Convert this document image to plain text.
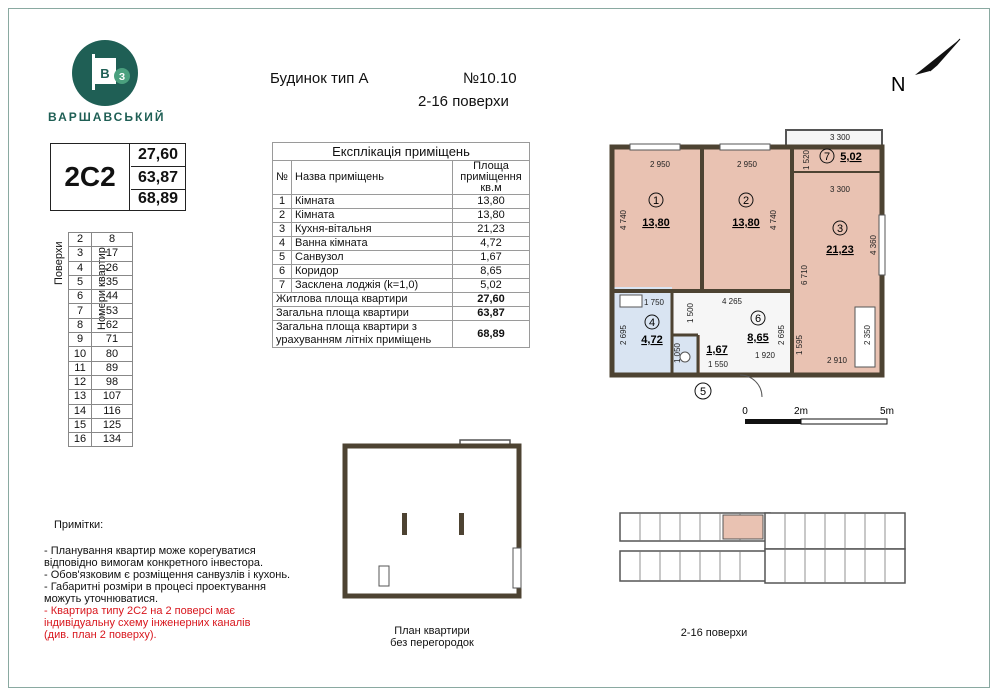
В З
ВАРШАВСЬКИЙ
Будинок тип А	№10.10
2-16 поверхи
2С2
27,60
63,87
68,89
Поверхи	Номери квартир
2	8
3	17
4	26
5	35
6	44
7	53
8	62
9	71
10	80
11	89
12	98
13	107
14	116
15	125
16	134
Експлікація приміщень		
№	Назва приміщень	Площа приміщення кв.м
1	Кімната	13,80
2	Кімната	13,80
3	Кухня-вітальня	21,23
4	Ванна кімната	4,72
5	Санвузол	1,67
6	Коридор	8,65
7	Засклена лоджія (k=1,0)	5,02
Житлова площа квартири		27,60
Загальна площа квартири		63,87
Загальна площа квартири з урахуванням літніх приміщень		68,89
N
1
13,80
2
13,80	3
21,23
4
4,72
1,67
6
8,65
7 5,02
2 950	2 950
3 300
3 300
1 520
4 740	4 740
6 710
4 360
1 750	4 265
1 500
2 695	2 695
1 920
2 910
2 350
1 595
1 050
1 550
5
0	2m	5m
План квартири
без перегородок
2-16 поверхи
Примітки:
- Планування квартир може корегуватися відповідно вимогам конкретного інвестора.
- Обов'язковим є розміщення санвузлів і кухонь.
- Габаритні розміри в процесі проектування можуть уточнюватися.
- Квартира типу 2С2 на 2 поверсі має індивідуальну схему інженерних каналів (див. план 2 поверху).
